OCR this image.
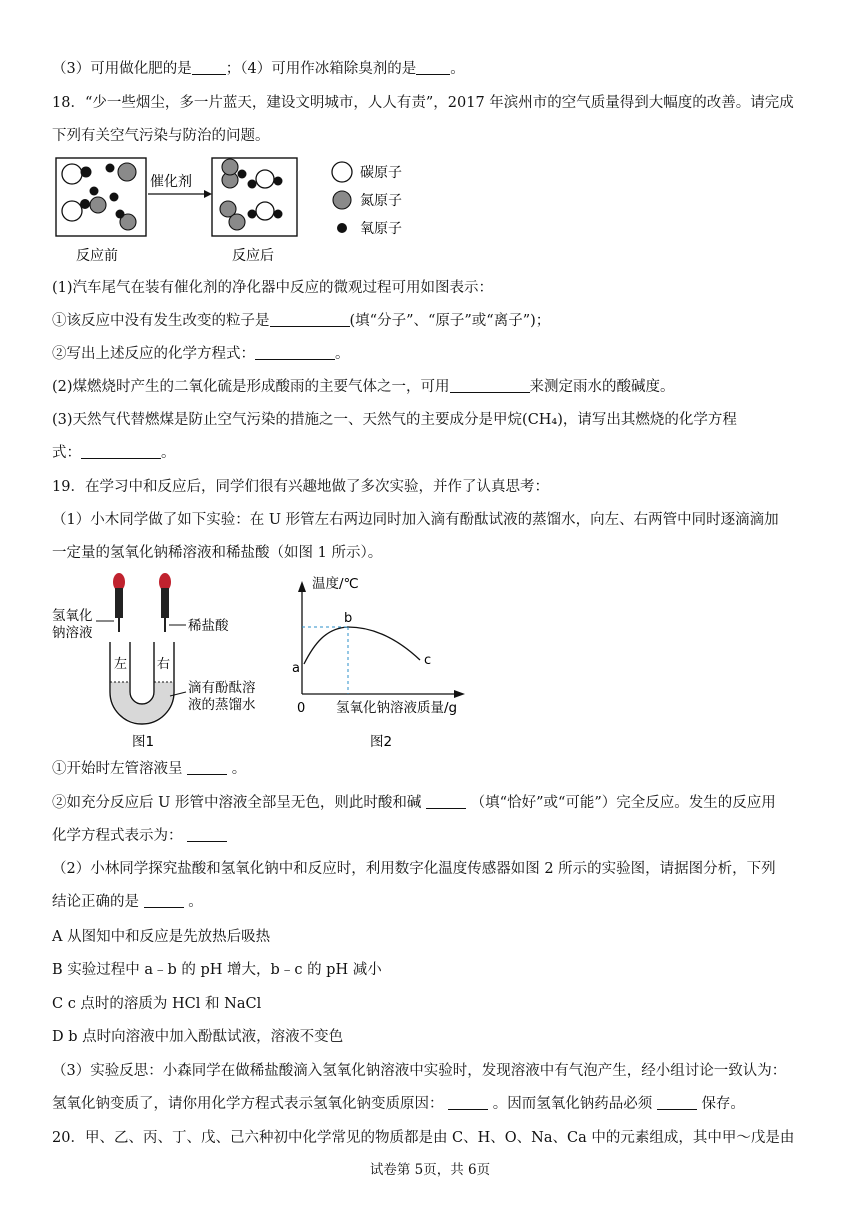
（3）可用做化肥的是 ；（4）可用作冰箱除臭剂的是 。
18．“少一些烟尘，多一片蓝天，建设文明城市，人人有责”，2017 年滨州市的空气质量得到大幅度的改善。请完成
下列有关空气污染与防治的问题。
催化剂
反应前	反应后
碳原子
氮原子
氧原子
(1)汽车尾气在装有催化剂的净化器中反应的微观过程可用如图表示：
①该反应中没有发生改变的粒子是	(填“分子”、“原子”或“离子”)；
②写出上述反应的化学方程式：	。
(2)煤燃烧时产生的二氧化硫是形成酸雨的主要气体之一，可用	来测定雨水的酸碱度。
(3)天然气代替燃煤是防止空气污染的措施之一、天然气的主要成分是甲烷(CH₄)，请写出其燃烧的化学方程
式：	。
19．在学习中和反应后，同学们很有兴趣地做了多次实验，并作了认真思考：
（1）小木同学做了如下实验：在 U 形管左右两边同时加入滴有酚酞试液的蒸馏水，向左、右两管中同时逐滴滴加
一定量的氢氧化钠稀溶液和稀盐酸（如图 1 所示）。
氢氧化
钠溶液	稀盐酸
左 右
滴有酚酞溶
液的蒸馏水
图1
温度/℃
氢氧化钠溶液质量/g
0
a
b
c
图2
①开始时左管溶液呈	。
②如充分反应后 U 形管中溶液全部呈无色，则此时酸和碱	（填“恰好”或“可能”）完全反应。发生的反应用
化学方程式表示为：
（2）小林同学探究盐酸和氢氧化钠中和反应时，利用数字化温度传感器如图 2 所示的实验图，请据图分析，下列
结论正确的是	。
A 从图知中和反应是先放热后吸热
B 实验过程中 a﹣b 的 pH 增大，b﹣c 的 pH 减小
C c 点时的溶质为 HCl 和 NaCl
D b 点时向溶液中加入酚酞试液，溶液不变色
（3）实验反思：小森同学在做稀盐酸滴入氢氧化钠溶液中实验时，发现溶液中有气泡产生，经小组讨论一致认为：
氢氧化钠变质了，请你用化学方程式表示氢氧化钠变质原因：	。因而氢氧化钠药品必须	保存。
20．甲、乙、丙、丁、戊、己六种初中化学常见的物质都是由 C、H、O、Na、Ca 中的元素组成，其中甲～戊是由
试卷第 5页，共 6页
